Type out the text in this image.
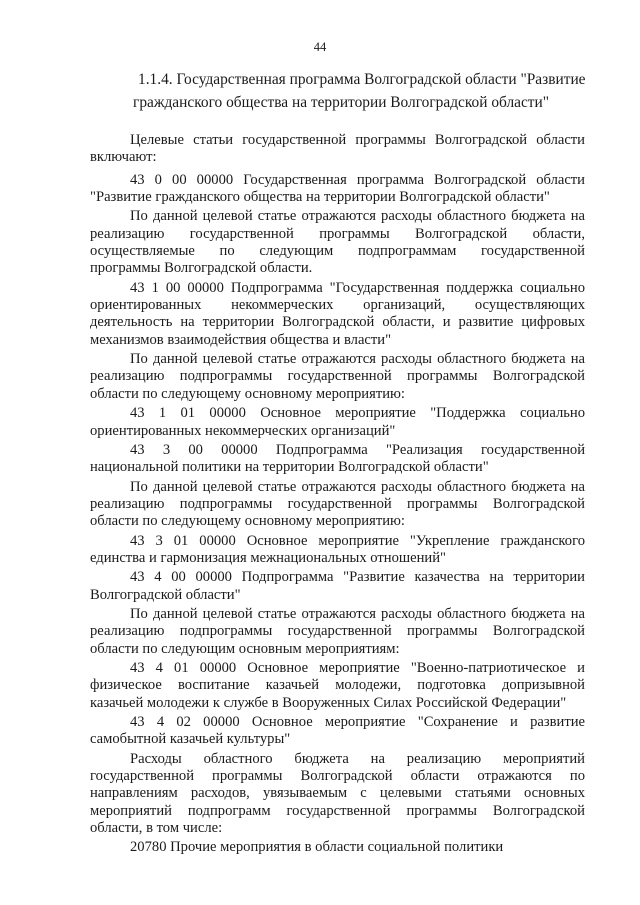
44
1.1.4. Государственная программа Волгоградской области "Развитие
гражданского общества на территории Волгоградской области"
Целевые статьи государственной программы Волгоградской области
включают:
43 0 00 00000 Государственная программа Волгоградской области
"Развитие гражданского общества на территории Волгоградской области"
По данной целевой статье отражаются расходы областного бюджета на
реализацию государственной программы Волгоградской области,
осуществляемые по следующим подпрограммам государственной
программы Волгоградской области.
43 1 00 00000 Подпрограмма "Государственная поддержка социально
ориентированных некоммерческих организаций, осуществляющих
деятельность на территории Волгоградской области, и развитие цифровых
механизмов взаимодействия общества и власти"
По данной целевой статье отражаются расходы областного бюджета на
реализацию подпрограммы государственной программы Волгоградской
области по следующему основному мероприятию:
43 1 01 00000 Основное мероприятие "Поддержка социально
ориентированных некоммерческих организаций"
43 3 00 00000 Подпрограмма "Реализация государственной
национальной политики на территории Волгоградской области"
По данной целевой статье отражаются расходы областного бюджета на
реализацию подпрограммы государственной программы Волгоградской
области по следующему основному мероприятию:
43 3 01 00000 Основное мероприятие "Укрепление гражданского
единства и гармонизация межнациональных отношений"
43 4 00 00000 Подпрограмма "Развитие казачества на территории
Волгоградской области"
По данной целевой статье отражаются расходы областного бюджета на
реализацию подпрограммы государственной программы Волгоградской
области по следующим основным мероприятиям:
43 4 01 00000 Основное мероприятие "Военно-патриотическое и
физическое воспитание казачьей молодежи, подготовка допризывной
казачьей молодежи к службе в Вооруженных Силах Российской Федерации"
43 4 02 00000 Основное мероприятие "Сохранение и развитие
самобытной казачьей культуры"
Расходы областного бюджета на реализацию мероприятий
государственной программы Волгоградской области отражаются по
направлениям расходов, увязываемым с целевыми статьями основных
мероприятий подпрограмм государственной программы Волгоградской
области, в том числе:
20780 Прочие мероприятия в области социальной политики
